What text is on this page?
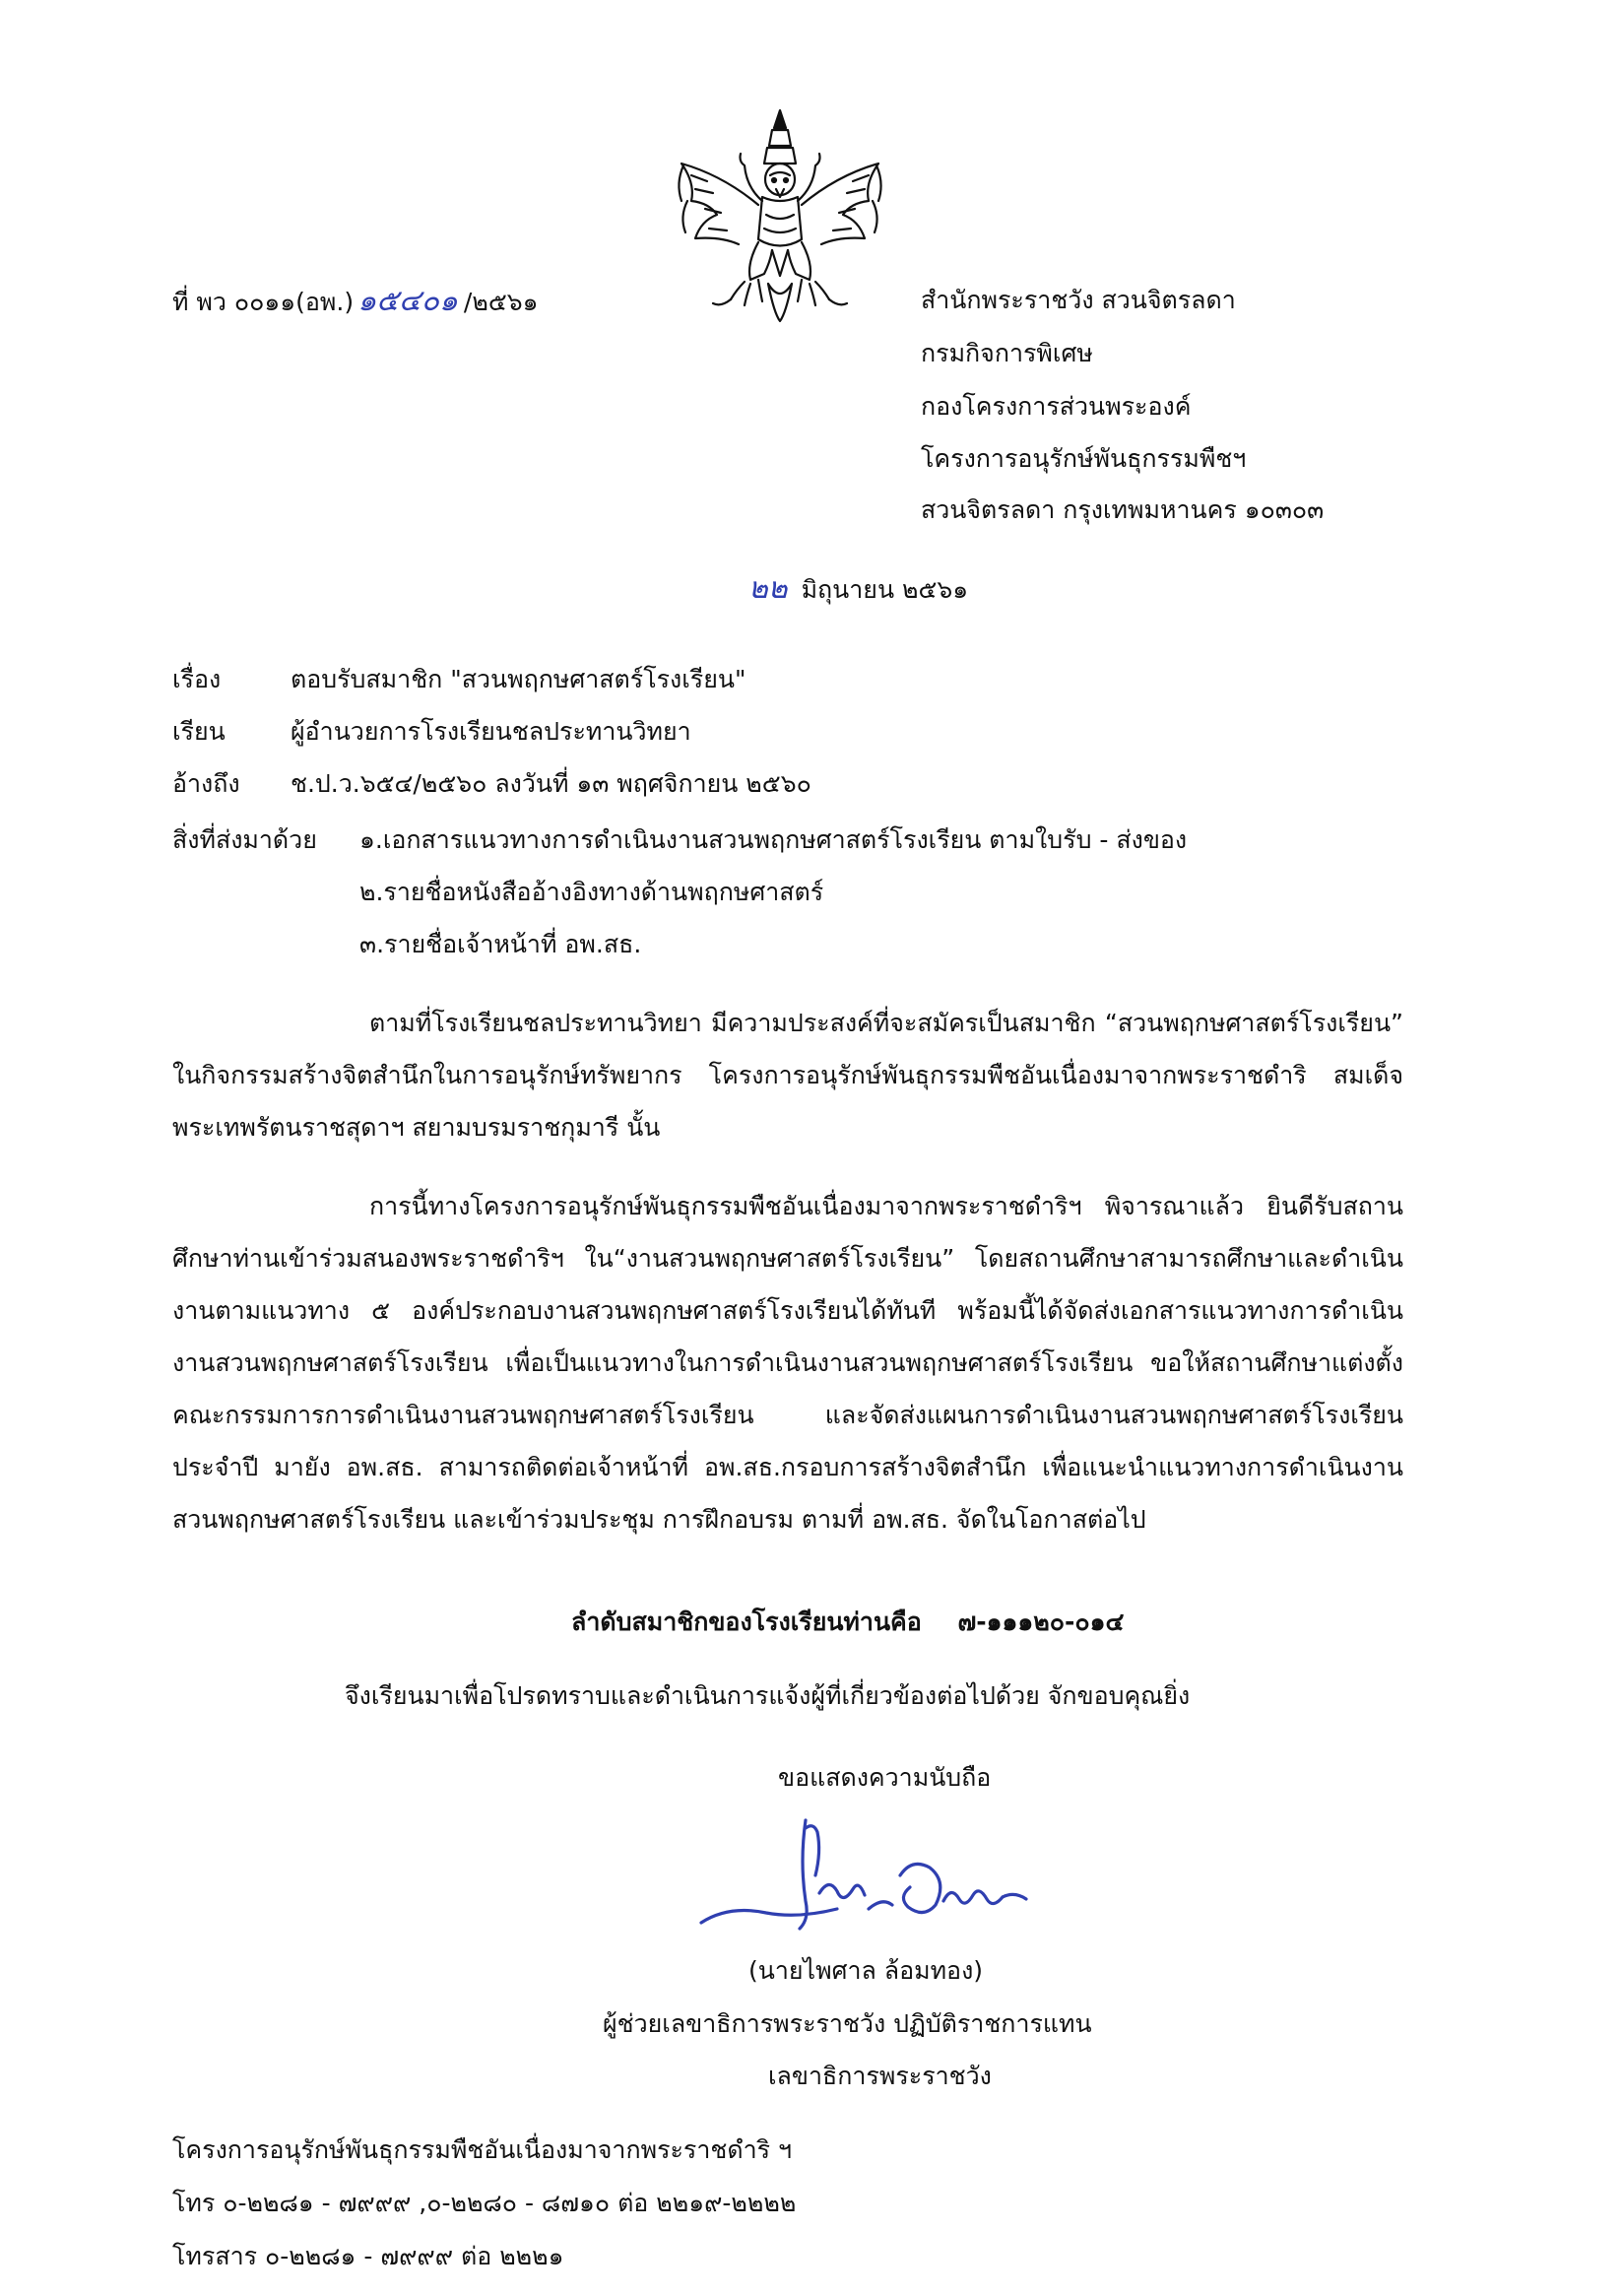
ที่ พว ๐๐๑๑(อพ.) ๑๕๔๐๑ /๒๕๖๑	สำนักพระราชวัง สวนจิตรลดา
กรมกิจการพิเศษ
กองโครงการส่วนพระองค์
โครงการอนุรักษ์พันธุกรรมพืชฯ
สวนจิตรลดา กรุงเทพมหานคร ๑๐๓๐๓
๒๒ มิถุนายน ๒๕๖๑
เรื่อง	ตอบรับสมาชิก "สวนพฤกษศาสตร์โรงเรียน"
เรียน	ผู้อำนวยการโรงเรียนชลประทานวิทยา
อ้างถึง ช.ป.ว.๖๕๔/๒๕๖๐ ลงวันที่ ๑๓ พฤศจิกายน ๒๕๖๐
สิ่งที่ส่งมาด้วย ๑.เอกสารแนวทางการดำเนินงานสวนพฤกษศาสตร์โรงเรียน ตามใบรับ - ส่งของ
๒.รายชื่อหนังสืออ้างอิงทางด้านพฤกษศาสตร์
๓.รายชื่อเจ้าหน้าที่ อพ.สธ.

ตามที่โรงเรียนชลประทานวิทยา มีความประสงค์ที่จะสมัครเป็นสมาชิก “สวนพฤกษศาสตร์โรงเรียน” ในกิจกรรมสร้างจิตสำนึกในการอนุรักษ์ทรัพยากร โครงการอนุรักษ์พันธุกรรมพืชอันเนื่องมาจากพระราชดำริ สมเด็จพระเทพรัตนราชสุดาฯ สยามบรมราชกุมารี นั้น

การนี้ทางโครงการอนุรักษ์พันธุกรรมพืชอันเนื่องมาจากพระราชดำริฯ พิจารณาแล้ว ยินดีรับสถานศึกษาท่านเข้าร่วมสนองพระราชดำริฯ ใน“งานสวนพฤกษศาสตร์โรงเรียน” โดยสถานศึกษาสามารถศึกษาและดำเนินงานตามแนวทาง ๕ องค์ประกอบงานสวนพฤกษศาสตร์โรงเรียนได้ทันที พร้อมนี้ได้จัดส่งเอกสารแนวทางการดำเนินงานสวนพฤกษศาสตร์โรงเรียน เพื่อเป็นแนวทางในการดำเนินงานสวนพฤกษศาสตร์โรงเรียน ขอให้สถานศึกษาแต่งตั้งคณะกรรมการการดำเนินงานสวนพฤกษศาสตร์โรงเรียน และจัดส่งแผนการดำเนินงานสวนพฤกษศาสตร์โรงเรียนประจำปี มายัง อพ.สธ. สามารถติดต่อเจ้าหน้าที่ อพ.สธ.กรอบการสร้างจิตสำนึก เพื่อแนะนำแนวทางการดำเนินงานสวนพฤกษศาสตร์โรงเรียน และเข้าร่วมประชุม การฝึกอบรม ตามที่ อพ.สธ. จัดในโอกาสต่อไป

ลำดับสมาชิกของโรงเรียนท่านคือ ๗-๑๑๑๒๐-๐๑๔
จึงเรียนมาเพื่อโปรดทราบและดำเนินการแจ้งผู้ที่เกี่ยวข้องต่อไปด้วย จักขอบคุณยิ่ง
ขอแสดงความนับถือ
(นายไพศาล ล้อมทอง)
ผู้ช่วยเลขาธิการพระราชวัง ปฏิบัติราชการแทน
เลขาธิการพระราชวัง
โครงการอนุรักษ์พันธุกรรมพืชอันเนื่องมาจากพระราชดำริ ฯ
โทร ๐-๒๒๘๑ - ๗๙๙๙ ,๐-๒๒๘๐ - ๘๗๑๐ ต่อ ๒๒๑๙-๒๒๒๒
โทรสาร ๐-๒๒๘๑ - ๗๙๙๙ ต่อ ๒๒๒๑
